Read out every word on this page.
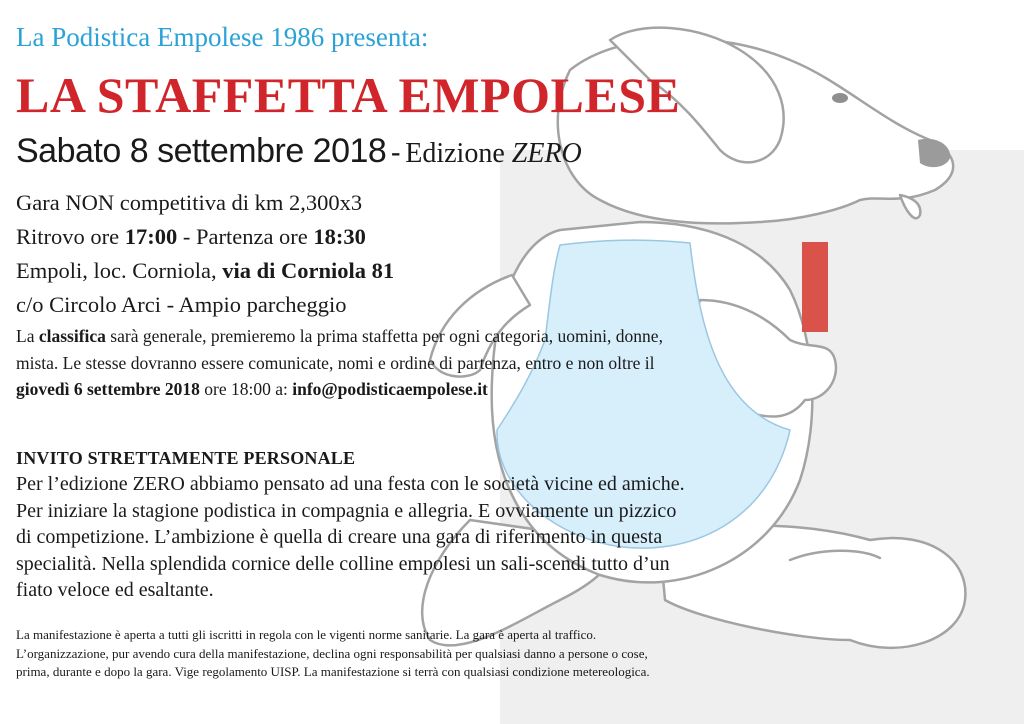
La Podistica Empolese 1986 presenta:
LA STAFFETTA EMPOLESE
Sabato 8 settembre 2018 - Edizione ZERO
Gara NON competitiva di km 2,300x3
Ritrovo ore 17:00 - Partenza ore 18:30
Empoli, loc. Corniola, via di Corniola 81
c/o Circolo Arci - Ampio parcheggio

La classifica sarà generale, premieremo la prima staffetta per ogni categoria, uomini, donne, mista. Le stesse dovranno essere comunicate, nomi e ordine di partenza, entro e non oltre il giovedì 6 settembre 2018 ore 18:00 a: info@podisticaempolese.it

INVITO STRETTAMENTE PERSONALE

Per l’edizione ZERO abbiamo pensato ad una festa con le società vicine ed amiche. Per iniziare la stagione podistica in compagnia e allegria. E ovviamente un pizzico di competizione. L’ambizione è quella di creare una gara di riferimento in questa specialità. Nella splendida cornice delle colline empolesi un sali-scendi tutto d’un fiato veloce ed esaltante.

La manifestazione è aperta a tutti gli iscritti in regola con le vigenti norme sanitarie. La gara è aperta al traffico. L’organizzazione, pur avendo cura della manifestazione, declina ogni responsabilità per qualsiasi danno a persone o cose, prima, durante e dopo la gara. Vige regolamento UISP. La manifestazione si terrà con qualsiasi condizione metereologica.
